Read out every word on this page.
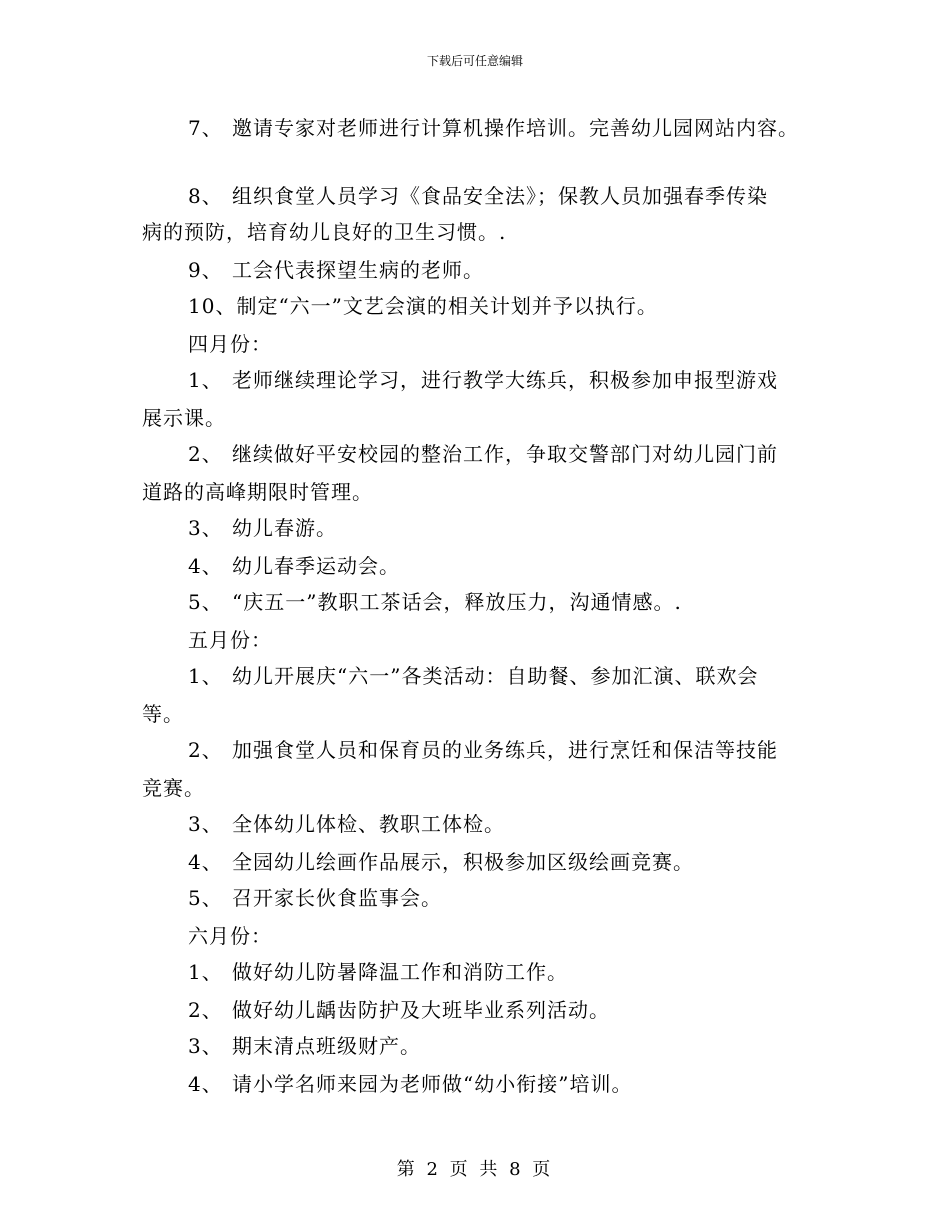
下载后可任意编辑
7、 邀请专家对老师进行计算机操作培训。完善幼儿园网站内容。
8、 组织食堂人员学习《食品安全法》；保教人员加强春季传染
病的预防，培育幼儿良好的卫生习惯。.
9、 工会代表探望生病的老师。
10、制定“六一”文艺会演的相关计划并予以执行。
四月份：
1、 老师继续理论学习，进行教学大练兵，积极参加申报型游戏
展示课。
2、 继续做好平安校园的整治工作，争取交警部门对幼儿园门前
道路的高峰期限时管理。
3、 幼儿春游。
4、 幼儿春季运动会。
5、 “庆五一”教职工茶话会，释放压力，沟通情感。.
五月份：
1、 幼儿开展庆“六一”各类活动：自助餐、参加汇演、联欢会
等。
2、 加强食堂人员和保育员的业务练兵，进行烹饪和保洁等技能
竞赛。
3、 全体幼儿体检、教职工体检。
4、 全园幼儿绘画作品展示，积极参加区级绘画竞赛。
5、 召开家长伙食监事会。
六月份：
1、 做好幼儿防暑降温工作和消防工作。
2、 做好幼儿龋齿防护及大班毕业系列活动。
3、 期末清点班级财产。
4、 请小学名师来园为老师做“幼小衔接”培训。
第 2 页 共 8 页
